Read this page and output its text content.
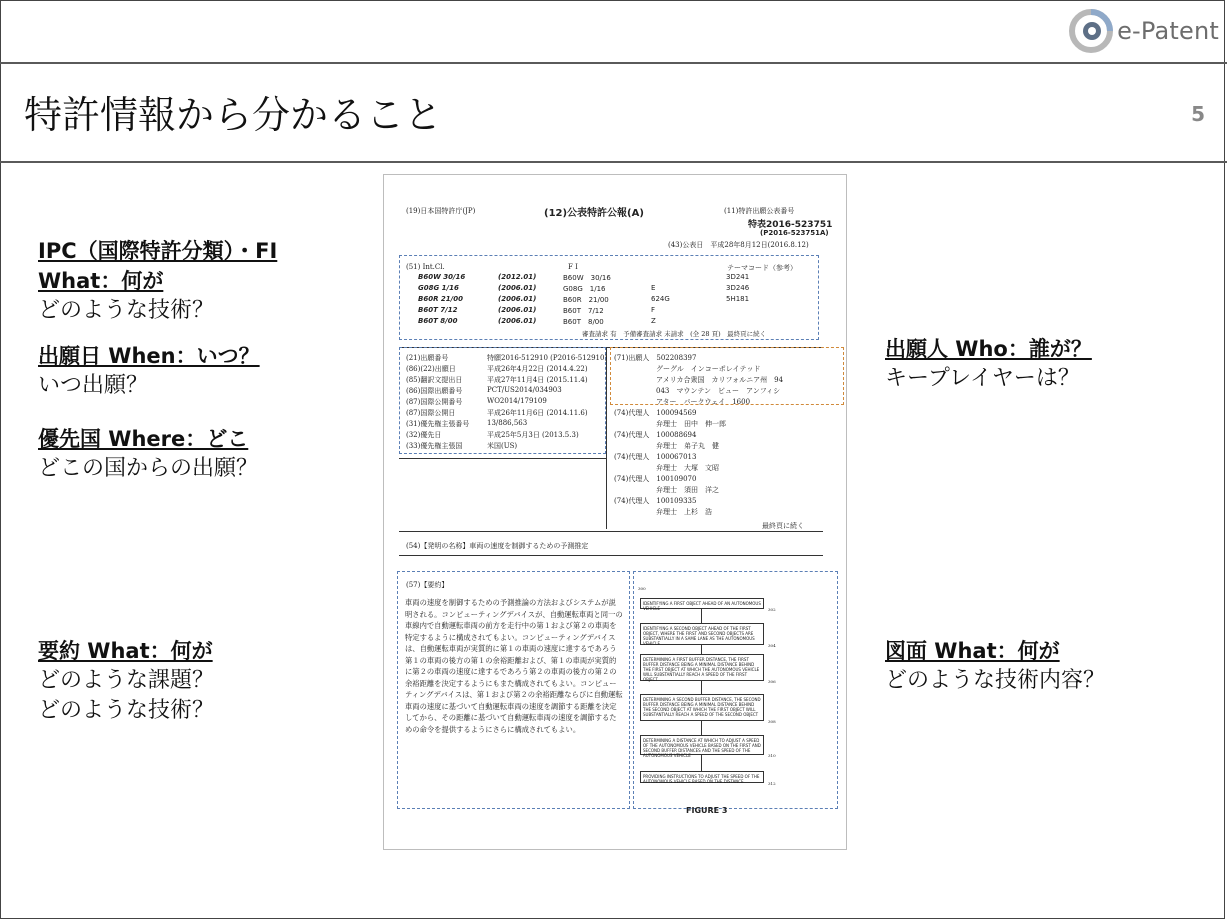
e-Patent
特許情報から分かること	5
IPC（国際特許分類）・FI
What：何が
どのような技術？
出願日 When：いつ？
いつ出願？
優先国 Where：どこ
どこの国からの出願？
要約 What：何が
どのような課題？
どのような技術？
出願人 Who：誰が？
キープレイヤーは？
図面 What：何が
どのような技術内容？
(19)日本国特許庁(JP)	(12)公表特許公報(A)	(11)特許出願公表番号
特表2016-523751
(P2016-523751A)
(43)公表日　平成28年8月12日(2016.8.12)
(51) Int.Cl.	F I	テーマコード（参考）
B60W 30/16	(2012.01)	B60W　30/16	3D241
G08G 1/16	(2006.01)	G08G　1/16	E	3D246
B60R 21/00	(2006.01)	B60R　21/00	624G	5H181
B60T 7/12	(2006.01)	B60T　7/12	F
B60T 8/00	(2006.01)	B60T　8/00	Z
審査請求 有　予備審査請求 未請求　(全 28 頁)　最終頁に続く
(21)出願番号	特願2016-512910 (P2016-512910)
(86)(22)出願日	平成26年4月22日 (2014.4.22)
(85)翻訳文提出日	平成27年11月4日 (2015.11.4)
(86)国際出願番号	PCT/US2014/034903
(87)国際公開番号	WO2014/179109
(87)国際公開日	平成26年11月6日 (2014.11.6)
(31)優先権主張番号	13/886,563
(32)優先日	平成25年5月3日 (2013.5.3)
(33)優先権主張国	米国(US)
(71)出願人　502208397
　　　　　　グーグル　インコーポレイテッド
　　　　　　アメリカ合衆国　カリフォルニア州　94
　　　　　　043　マウンテン　ビュー　アンフィシ
　　　　　　アター　パークウェイ　1600
(74)代理人　100094569
　　　　　　弁理士　田中　伸一郎
(74)代理人　100088694
　　　　　　弁理士　弟子丸　健
(74)代理人　100067013
　　　　　　弁理士　大塚　文昭
(74)代理人　100109070
　　　　　　弁理士　須田　洋之
(74)代理人　100109335
　　　　　　弁理士　上杉　浩
最終頁に続く
(54)【発明の名称】車両の速度を制御するための予測推定
(57)【要約】
車両の速度を制御するための予測推論の方法およびシステムが説明される。コンピューティングデバイスが、自動運転車両と同一の車線内で自動運転車両の前方を走行中の第１および第２の車両を特定するように構成されてもよい。コンピューティングデバイスは、自動運転車両が実質的に第１の車両の速度に達するであろう第１の車両の後方の第１の余裕距離および、第１の車両が実質的に第２の車両の速度に達するであろう第２の車両の後方の第２の余裕距離を決定するようにもまた構成されてもよい。コンピューティングデバイスは、第１および第２の余裕距離ならびに自動運転車両の速度に基づいて自動運転車両の速度を調節する距離を決定してから、その距離に基づいて自動運転車両の速度を調節するための命令を提供するようにさらに構成されてもよい。
300
IDENTIFYING A FIRST OBJECT AHEAD OF AN AUTONOMOUS VEHICLE	302
IDENTIFYING A SECOND OBJECT AHEAD OF THE FIRST OBJECT, WHERE THE FIRST AND SECOND OBJECTS ARE SUBSTANTIALLY IN A SAME LANE AS THE AUTONOMOUS VEHICLE	304
DETERMINING A FIRST BUFFER DISTANCE, THE FIRST BUFFER DISTANCE BEING A MINIMAL DISTANCE BEHIND THE FIRST OBJECT AT WHICH THE AUTONOMOUS VEHICLE WILL SUBSTANTIALLY REACH A SPEED OF THE FIRST OBJECT	306
DETERMINING A SECOND BUFFER DISTANCE, THE SECOND BUFFER DISTANCE BEING A MINIMAL DISTANCE BEHIND THE SECOND OBJECT AT WHICH THE FIRST OBJECT WILL SUBSTANTIALLY REACH A SPEED OF THE SECOND OBJECT
308
DETERMINING A DISTANCE AT WHICH TO ADJUST A SPEED OF THE AUTONOMOUS VEHICLE BASED ON THE FIRST AND SECOND BUFFER DISTANCES AND THE SPEED OF THE AUTONOMOUS VEHICLE	310
PROVIDING INSTRUCTIONS TO ADJUST THE SPEED OF THE AUTONOMOUS VEHICLE BASED ON THE DISTANCE	312
FIGURE 3
